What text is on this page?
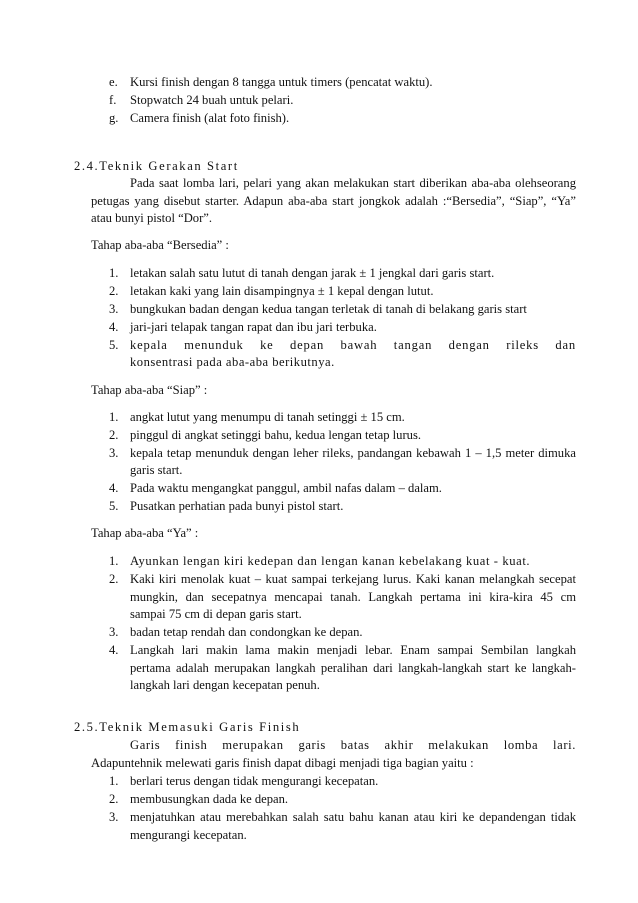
e. Kursi finish dengan 8 tangga untuk timers (pencatat waktu).
f. Stopwatch 24 buah untuk pelari.
g. Camera finish (alat foto finish).
2.4.Teknik Gerakan Start
Pada saat lomba lari, pelari yang akan melakukan start diberikan aba-aba olehseorang
petugas yang disebut starter. Adapun aba-aba start jongkok adalah :“Bersedia”, “Siap”, “Ya”
atau bunyi pistol “Dor”.
Tahap aba-aba “Bersedia” :
1. letakan salah satu lutut di tanah dengan jarak ± 1 jengkal dari garis start.
2. letakan kaki yang lain disampingnya ± 1 kepal dengan lutut.
3. bungkukan badan dengan kedua tangan terletak di tanah di belakang garis start
4. jari-jari telapak tangan rapat dan ibu jari terbuka.
5. kepala menunduk ke depan bawah tangan dengan rileks dan
konsentrasi pada aba-aba berikutnya.
Tahap aba-aba “Siap” :
1. angkat lutut yang menumpu di tanah setinggi ± 15 cm.
2. pinggul di angkat setinggi bahu, kedua lengan tetap lurus.
3. kepala tetap menunduk dengan leher rileks, pandangan kebawah 1 – 1,5 meter dimuka
garis start.
4. Pada waktu mengangkat panggul, ambil nafas dalam – dalam.
5. Pusatkan perhatian pada bunyi pistol start.
Tahap aba-aba “Ya” :
1. Ayunkan lengan kiri kedepan dan lengan kanan kebelakang kuat - kuat.
2. Kaki kiri menolak kuat – kuat sampai terkejang lurus. Kaki kanan melangkah secepat
mungkin, dan secepatnya mencapai tanah. Langkah pertama ini kira-kira 45 cm
sampai 75 cm di depan garis start.
3. badan tetap rendah dan condongkan ke depan.
4. Langkah lari makin lama makin menjadi lebar. Enam sampai Sembilan langkah
pertama adalah merupakan langkah peralihan dari langkah-langkah start ke langkah-
langkah lari dengan kecepatan penuh.
2.5.Teknik Memasuki Garis Finish
Garis finish merupakan garis batas akhir melakukan lomba lari.
Adapuntehnik melewati garis finish dapat dibagi menjadi tiga bagian yaitu :
1. berlari terus dengan tidak mengurangi kecepatan.
2. membusungkan dada ke depan.
3. menjatuhkan atau merebahkan salah satu bahu kanan atau kiri ke depandengan tidak
mengurangi kecepatan.
